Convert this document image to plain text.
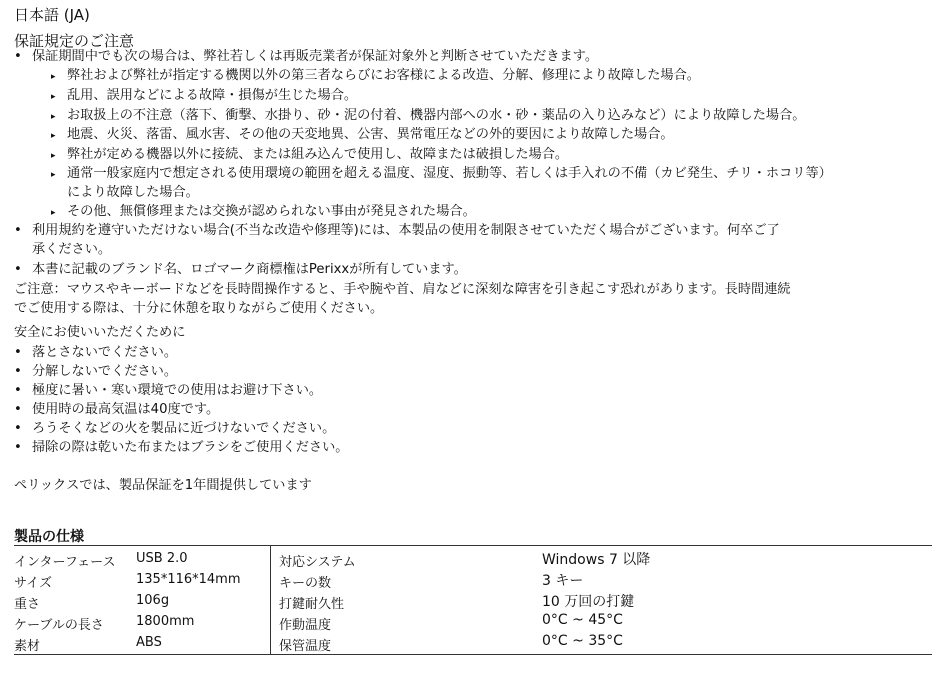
日本語 (JA)
保証規定のご注意
• 保証期間中でも次の場合は、弊社若しくは再販売業者が保証対象外と判断させていただきます。
▸ 弊社および弊社が指定する機関以外の第三者ならびにお客様による改造、分解、修理により故障した場合。
▸ 乱用、誤用などによる故障・損傷が生じた場合。
▸ お取扱上の不注意（落下、衝撃、水掛り、砂・泥の付着、機器内部への水・砂・薬品の入り込みなど）により故障した場合。
▸ 地震、火災、落雷、風水害、その他の天変地異、公害、異常電圧などの外的要因により故障した場合。
▸ 弊社が定める機器以外に接続、または組み込んで使用し、故障または破損した場合。
▸ 通常一般家庭内で想定される使用環境の範囲を超える温度、湿度、振動等、若しくは手入れの不備（カビ発生、チリ・ホコリ等）
により故障した場合。
▸ その他、無償修理または交換が認められない事由が発見された場合。
• 利用規約を遵守いただけない場合(不当な改造や修理等)には、本製品の使用を制限させていただく場合がございます。何卒ご了
承ください。
• 本書に記載のブランド名、ロゴマーク商標権はPerixxが所有しています。
ご注意：マウスやキーボードなどを長時間操作すると、手や腕や首、肩などに深刻な障害を引き起こす恐れがあります。長時間連続
でご使用する際は、十分に休憩を取りながらご使用ください。
安全にお使いいただくために
• 落とさないでください。
• 分解しないでください。
• 極度に暑い・寒い環境での使用はお避け下さい。
• 使用時の最高気温は40度です。
• ろうそくなどの火を製品に近づけないでください。
• 掃除の際は乾いた布またはブラシをご使用ください。
ペリックスでは、製品保証を1年間提供しています
製品の仕様
インターフェース USB 2.0
サイズ	135*116*14mm
重さ	106g
ケーブルの長さ 1800mm
素材	ABS
対応システム	Windows 7 以降
キーの数	3 キー
打鍵耐久性	10 万回の打鍵
作動温度	0°C ~ 45°C
保管温度	0°C ~ 35°C
